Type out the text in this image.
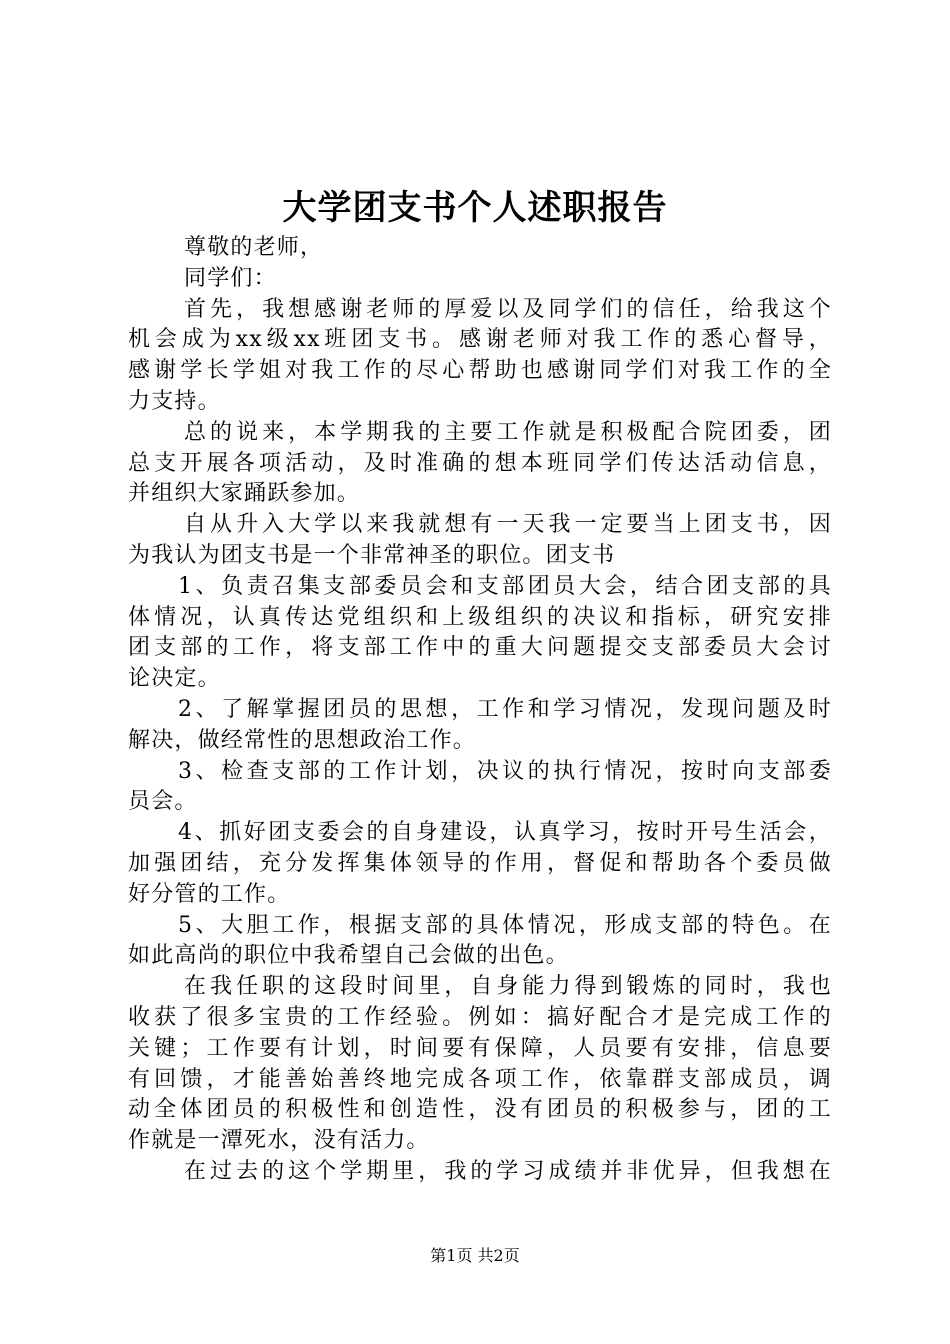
大学团支书个人述职报告
尊敬的老师，
同学们：
首先，我想感谢老师的厚爱以及同学们的信任，给我这个
机会成为xx级xx班团支书。感谢老师对我工作的悉心督导，
感谢学长学姐对我工作的尽心帮助也感谢同学们对我工作的全
力支持。
总的说来，本学期我的主要工作就是积极配合院团委，团
总支开展各项活动，及时准确的想本班同学们传达活动信息，
并组织大家踊跃参加。
自从升入大学以来我就想有一天我一定要当上团支书，因
为我认为团支书是一个非常神圣的职位。团支书
1、负责召集支部委员会和支部团员大会，结合团支部的具
体情况，认真传达党组织和上级组织的决议和指标，研究安排
团支部的工作，将支部工作中的重大问题提交支部委员大会讨
论决定。
2、了解掌握团员的思想，工作和学习情况，发现问题及时
解决，做经常性的思想政治工作。
3、检查支部的工作计划，决议的执行情况，按时向支部委
员会。
4、抓好团支委会的自身建设，认真学习，按时开号生活会，
加强团结，充分发挥集体领导的作用，督促和帮助各个委员做
好分管的工作。
5、大胆工作，根据支部的具体情况，形成支部的特色。在
如此高尚的职位中我希望自己会做的出色。
在我任职的这段时间里，自身能力得到锻炼的同时，我也
收获了很多宝贵的工作经验。例如：搞好配合才是完成工作的
关键；工作要有计划，时间要有保障，人员要有安排，信息要
有回馈，才能善始善终地完成各项工作，依靠群支部成员，调
动全体团员的积极性和创造性，没有团员的积极参与，团的工
作就是一潭死水，没有活力。
在过去的这个学期里，我的学习成绩并非优异，但我想在
第1页 共2页
